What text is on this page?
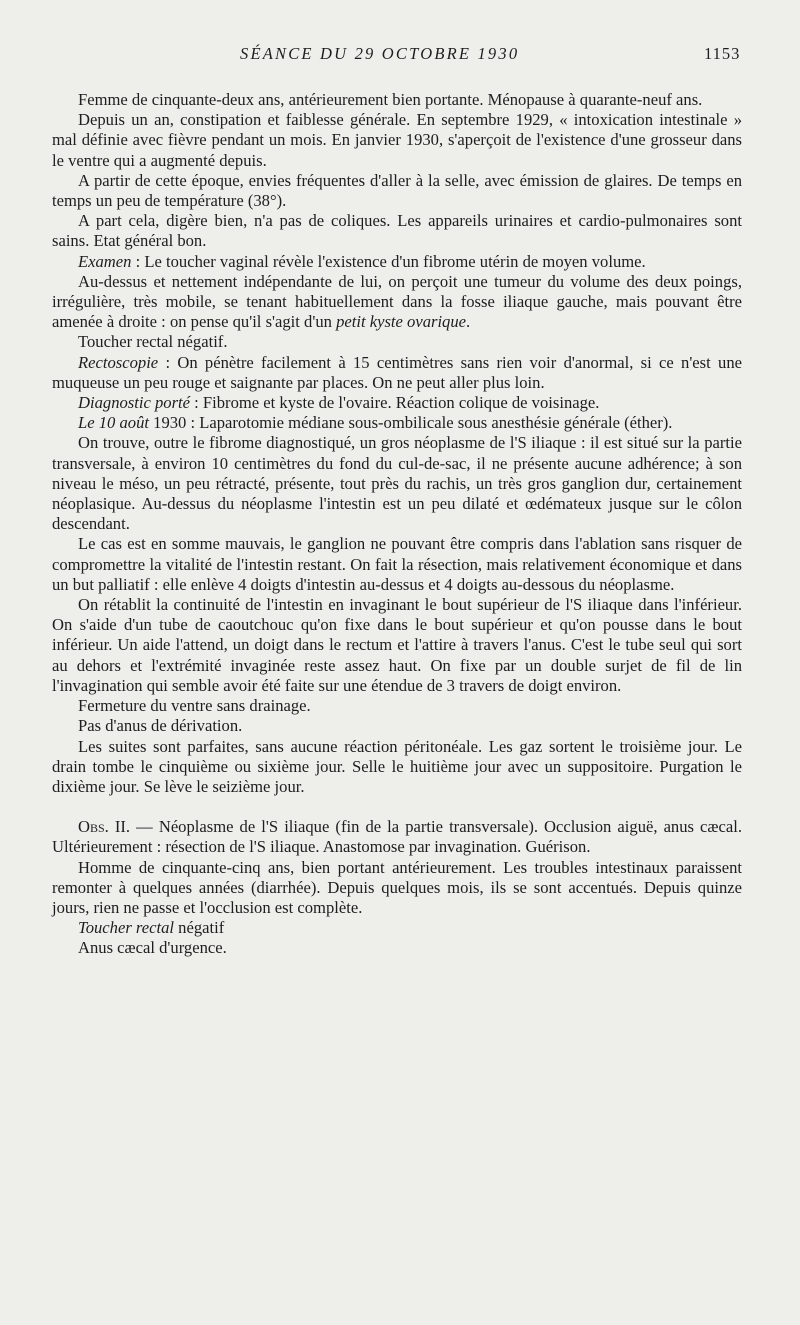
SÉANCE DU 29 OCTOBRE 1930	1153

Femme de cinquante-deux ans, antérieurement bien portante. Ménopause à quarante-neuf ans.

Depuis un an, constipation et faiblesse générale. En septembre 1929, « intoxication intestinale » mal définie avec fièvre pendant un mois. En janvier 1930, s'aperçoit de l'existence d'une grosseur dans le ventre qui a augmenté depuis.

A partir de cette époque, envies fréquentes d'aller à la selle, avec émission de glaires. De temps en temps un peu de température (38°).

A part cela, digère bien, n'a pas de coliques. Les appareils urinaires et cardio-pulmonaires sont sains. Etat général bon.

Examen : Le toucher vaginal révèle l'existence d'un fibrome utérin de moyen volume.

Au-dessus et nettement indépendante de lui, on perçoit une tumeur du volume des deux poings, irrégulière, très mobile, se tenant habituellement dans la fosse iliaque gauche, mais pouvant être amenée à droite : on pense qu'il s'agit d'un petit kyste ovarique.

Toucher rectal négatif.

Rectoscopie : On pénètre facilement à 15 centimètres sans rien voir d'anormal, si ce n'est une muqueuse un peu rouge et saignante par places. On ne peut aller plus loin.

Diagnostic porté : Fibrome et kyste de l'ovaire. Réaction colique de voisinage.

Le 10 août 1930 : Laparotomie médiane sous-ombilicale sous anesthésie générale (éther).

On trouve, outre le fibrome diagnostiqué, un gros néoplasme de l'S iliaque : il est situé sur la partie transversale, à environ 10 centimètres du fond du cul-de-sac, il ne présente aucune adhérence; à son niveau le méso, un peu rétracté, présente, tout près du rachis, un très gros ganglion dur, certainement néoplasique. Au-dessus du néoplasme l'intestin est un peu dilaté et œdémateux jusque sur le côlon descendant.

Le cas est en somme mauvais, le ganglion ne pouvant être compris dans l'ablation sans risquer de compromettre la vitalité de l'intestin restant. On fait la résection, mais relativement économique et dans un but palliatif : elle enlève 4 doigts d'intestin au-dessus et 4 doigts au-dessous du néoplasme.

On rétablit la continuité de l'intestin en invaginant le bout supérieur de l'S iliaque dans l'inférieur. On s'aide d'un tube de caoutchouc qu'on fixe dans le bout supérieur et qu'on pousse dans le bout inférieur. Un aide l'attend, un doigt dans le rectum et l'attire à travers l'anus. C'est le tube seul qui sort au dehors et l'extrémité invaginée reste assez haut. On fixe par un double surjet de fil de lin l'invagination qui semble avoir été faite sur une étendue de 3 travers de doigt environ.

Fermeture du ventre sans drainage.

Pas d'anus de dérivation.

Les suites sont parfaites, sans aucune réaction péritonéale. Les gaz sortent le troisième jour. Le drain tombe le cinquième ou sixième jour. Selle le huitième jour avec un suppositoire. Purgation le dixième jour. Se lève le seizième jour.

Obs. II. — Néoplasme de l'S iliaque (fin de la partie transversale). Occlusion aiguë, anus cæcal. Ultérieurement : résection de l'S iliaque. Anastomose par invagination. Guérison.

Homme de cinquante-cinq ans, bien portant antérieurement. Les troubles intestinaux paraissent remonter à quelques années (diarrhée). Depuis quelques mois, ils se sont accentués. Depuis quinze jours, rien ne passe et l'occlusion est complète.

Toucher rectal négatif

Anus cæcal d'urgence.
